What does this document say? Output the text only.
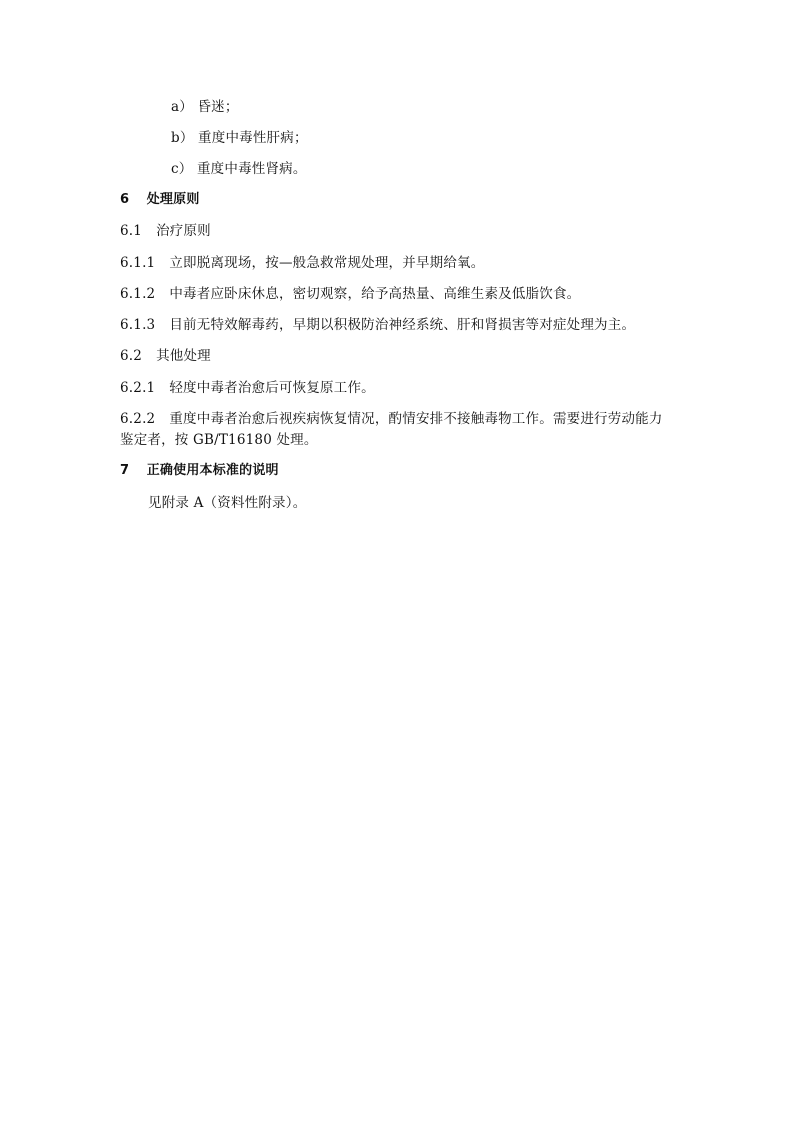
a） 昏迷；
b） 重度中毒性肝病；
c） 重度中毒性肾病。
6 处理原则
6.1 治疗原则
6.1.1 立即脱离现场，按—般急救常规处理，并早期给氧。
6.1.2 中毒者应卧床休息，密切观察，给予高热量、高维生素及低脂饮食。
6.1.3 目前无特效解毒药，早期以积极防治神经系统、肝和肾损害等对症处理为主。
6.2 其他处理
6.2.1 轻度中毒者治愈后可恢复原工作。
6.2.2 重度中毒者治愈后视疾病恢复情况，酌情安排不接触毒物工作。需要进行劳动能力
鉴定者，按 GB/T16180 处理。
7 正确使用本标准的说明
见附录 A（资料性附录）。
